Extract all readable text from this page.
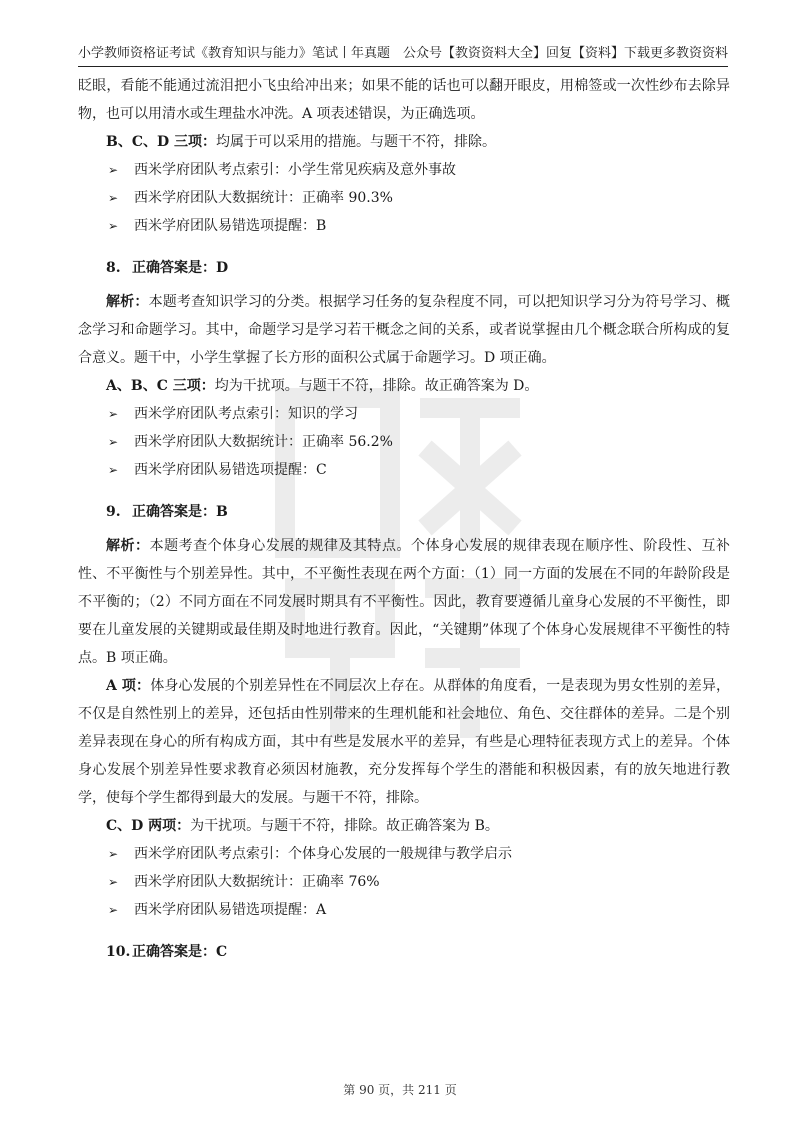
小学教师资格证考试《教育知识与能力》笔试丨年真题 公众号【教资资料大全】回复【资料】下载更多教资资料

眨眼，看能不能通过流泪把小飞虫给冲出来；如果不能的话也可以翻开眼皮，用棉签或一次性纱布去除异物，也可以用清水或生理盐水冲洗。A 项表述错误，为正确选项。

B、C、D 三项：均属于可以采用的措施。与题干不符，排除。

➢ 西米学府团队考点索引：小学生常见疾病及意外事故

➢ 西米学府团队大数据统计：正确率 90.3%

➢ 西米学府团队易错选项提醒：B

8. 正确答案是：D

解析：本题考查知识学习的分类。根据学习任务的复杂程度不同，可以把知识学习分为符号学习、概念学习和命题学习。其中，命题学习是学习若干概念之间的关系，或者说掌握由几个概念联合所构成的复合意义。题干中，小学生掌握了长方形的面积公式属于命题学习。D 项正确。

A、B、C 三项：均为干扰项。与题干不符，排除。故正确答案为 D。

➢ 西米学府团队考点索引：知识的学习

➢ 西米学府团队大数据统计：正确率 56.2%

➢ 西米学府团队易错选项提醒：C

9. 正确答案是：B

解析：本题考查个体身心发展的规律及其特点。个体身心发展的规律表现在顺序性、阶段性、互补性、不平衡性与个别差异性。其中，不平衡性表现在两个方面：（1）同一方面的发展在不同的年龄阶段是不平衡的；（2）不同方面在不同发展时期具有不平衡性。因此，教育要遵循儿童身心发展的不平衡性，即要在儿童发展的关键期或最佳期及时地进行教育。因此，“关键期”体现了个体身心发展规律不平衡性的特点。B 项正确。

A 项：体身心发展的个别差异性在不同层次上存在。从群体的角度看，一是表现为男女性别的差异，不仅是自然性别上的差异，还包括由性别带来的生理机能和社会地位、角色、交往群体的差异。二是个别差异表现在身心的所有构成方面，其中有些是发展水平的差异，有些是心理特征表现方式上的差异。个体身心发展个别差异性要求教育必须因材施教，充分发挥每个学生的潜能和积极因素，有的放矢地进行教学，使每个学生都得到最大的发展。与题干不符，排除。

C、D 两项：为干扰项。与题干不符，排除。故正确答案为 B。

➢ 西米学府团队考点索引：个体身心发展的一般规律与教学启示

➢ 西米学府团队大数据统计：正确率 76%

➢ 西米学府团队易错选项提醒：A

10. 正确答案是：C

第 90 页，共 211 页
